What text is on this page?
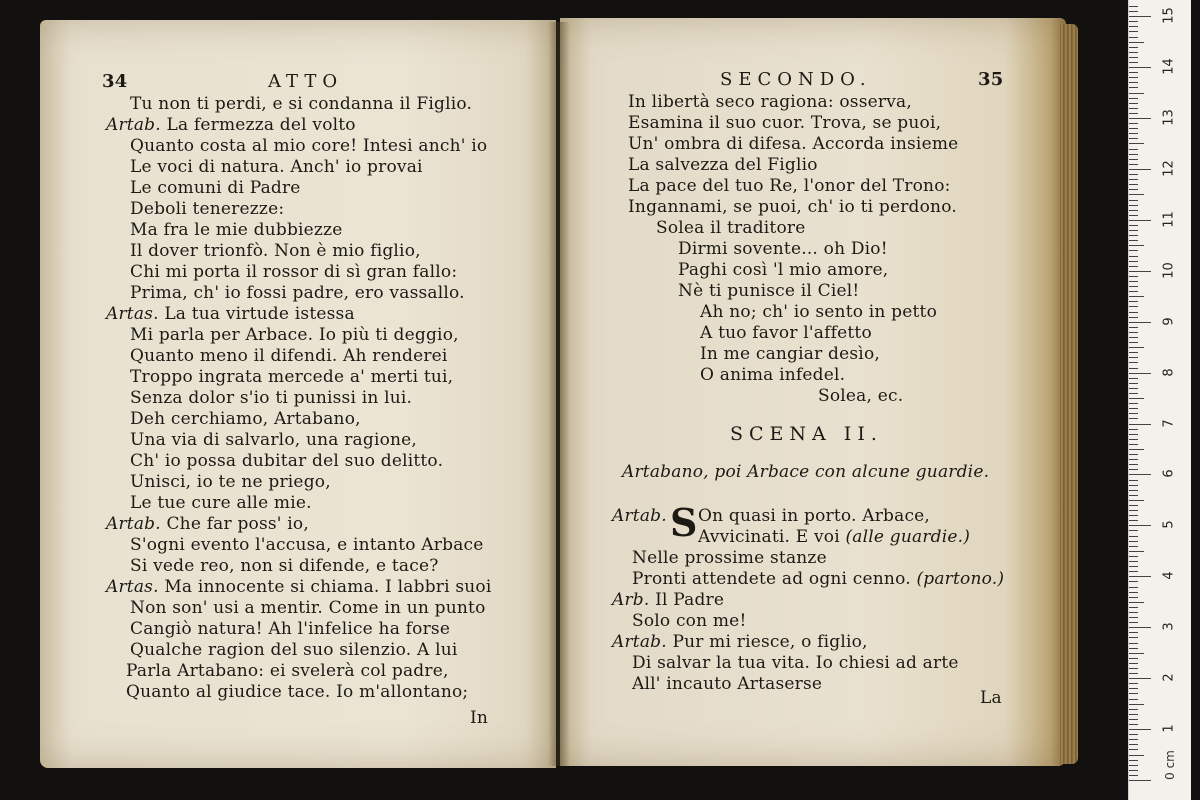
34	ATTO
Tu non ti perdi, e si condanna il Figlio.
Artab. La fermezza del volto
Quanto costa al mio core! Intesi anch' io
Le voci di natura. Anch' io provai
Le comuni di Padre
Deboli tenerezze:
Ma fra le mie dubbiezze
Il dover trionfò. Non è mio figlio,
Chi mi porta il rossor di sì gran fallo:
Prima, ch' io fossi padre, ero vassallo.
Artas. La tua virtude istessa
Mi parla per Arbace. Io più ti deggio,
Quanto meno il difendi. Ah renderei
Troppo ingrata mercede a' merti tui,
Senza dolor s'io ti punissi in lui.
Deh cerchiamo, Artabano,
Una via di salvarlo, una ragione,
Ch' io possa dubitar del suo delitto.
Unisci, io te ne priego,
Le tue cure alle mie.
Artab. Che far poss' io,
S'ogni evento l'accusa, e intanto Arbace
Si vede reo, non si difende, e tace?
Artas. Ma innocente si chiama. I labbri suoi
Non son' usi a mentir. Come in un punto
Cangiò natura! Ah l'infelice ha forse
Qualche ragion del suo silenzio. A lui
Parla Artabano: ei svelerà col padre,
Quanto al giudice tace. Io m'allontano;
In
SECONDO.	35
In libertà seco ragiona: osserva,
Esamina il suo cuor. Trova, se puoi,
Un' ombra di difesa. Accorda insieme
La salvezza del Figlio
La pace del tuo Re, l'onor del Trono:
Ingannami, se puoi, ch' io ti perdono.
Solea il traditore
Dirmi sovente... oh Dio!
Paghi così 'l mio amore,
Nè ti punisce il Ciel!
Ah no; ch' io sento in petto
A tuo favor l'affetto
In me cangiar desìo,
O anima infedel.
Solea, ec.
SCENA II.
Artabano, poi Arbace con alcune guardie.
Artab. S On quasi in porto. Arbace,
Avvicinati. E voi (alle guardie.)
Nelle prossime stanze
Pronti attendete ad ogni cenno. (partono.)
Arb. Il Padre
Solo con me!
Artab. Pur mi riesce, o figlio,
Di salvar la tua vita. Io chiesi ad arte
All' incauto Artaserse
La
0 cm
15
14
13
12
11
10
9
8
7
6
5
4
3
2
1
